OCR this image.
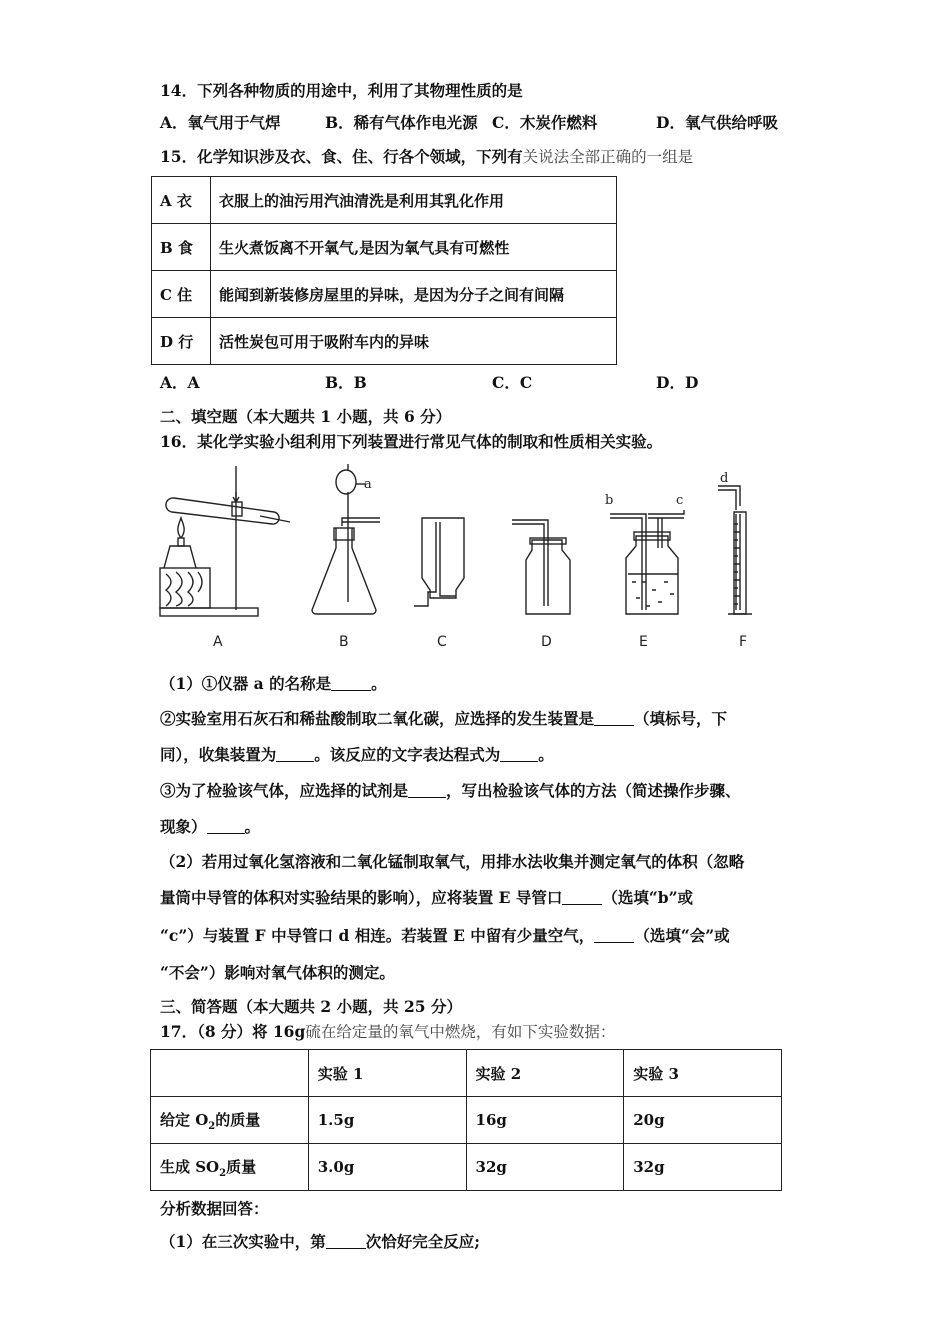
14．下列各种物质的用途中，利用了其物理性质的是
A．氧气用于气焊	B．稀有气体作电光源 C．木炭作燃料	D．氧气供给呼吸
15．化学知识涉及衣、食、住、行各个领域，下列有关说法全部正确的一组是
A 衣	衣服上的油污用汽油清洗是利用其乳化作用
B 食	生火煮饭离不开氧气,是因为氧气具有可燃性
C 住	能闻到新装修房屋里的异味，是因为分子之间有间隔
D 行	活性炭包可用于吸附车内的异味
A．A	B．B	C．C	D．D
二、填空题（本大题共 1 小题，共 6 分）
16．某化学实验小组利用下列装置进行常见气体的制取和性质相关实验。
a
b	c
d
A	B	C	D	E	F
（1）①仪器 a 的名称是	。
②实验室用石灰石和稀盐酸制取二氧化碳，应选择的发生装置是	（填标号，下
同），收集装置为 。该反应的文字表达程式为 。
③为了检验该气体，应选择的试剂是 ，写出检验该气体的方法（简述操作步骤、
现象） 。
（2）若用过氧化氢溶液和二氧化锰制取氧气，用排水法收集并测定氧气的体积（忽略
量筒中导管的体积对实验结果的影响），应将装置 E 导管口	（选填“b”或
“c”）与装置 F 中导管口 d 相连。若装置 E 中留有少量空气，	（选填“会”或
“不会”）影响对氧气体积的测定。
三、简答题（本大题共 2 小题，共 25 分）
17．（8 分）将 16g硫在给定量的氧气中燃烧，有如下实验数据：
	实验 1	实验 2	实验 3
给定 $O_2$的质量	1.5g	16g	20g
生成 $SO_2$质量	3.0g	32g	32g
分析数据回答：
（1）在三次实验中，第	次恰好完全反应;
